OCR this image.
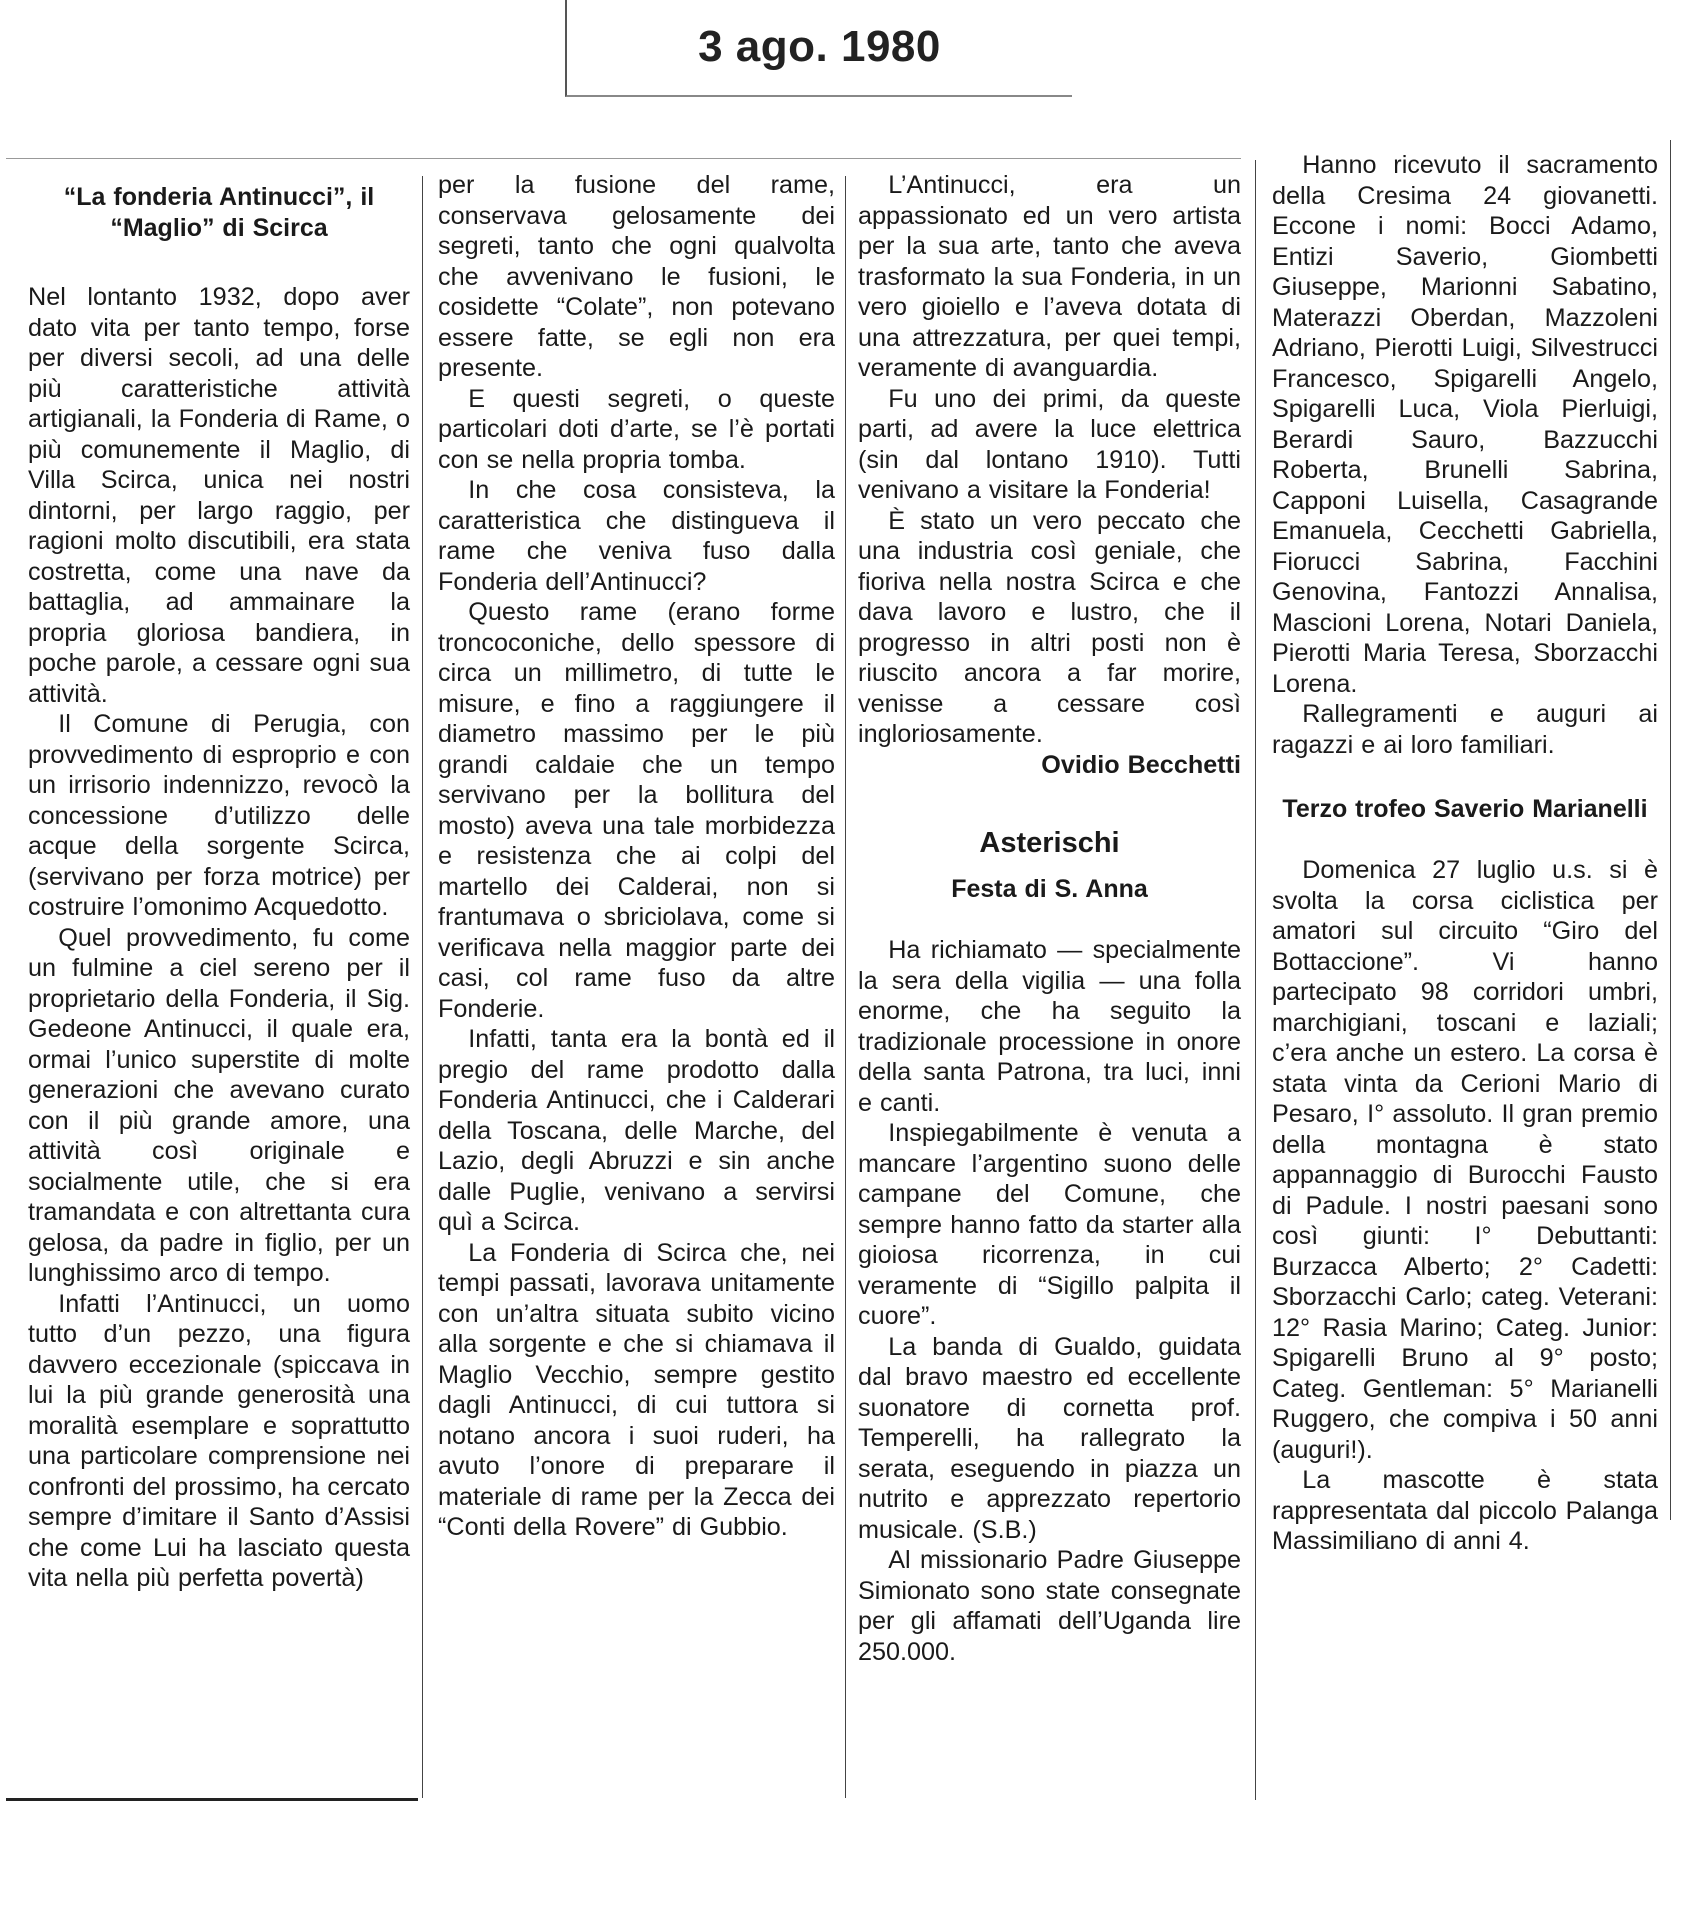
3 ago. 1980
“La fonderia Antinucci”, il “Maglio” di Scirca

Nel lontanto 1932, dopo aver dato vita per tanto tempo, forse per diversi secoli, ad una delle più caratteristiche attività artigianali, la Fonderia di Rame, o più comunemente il Maglio, di Villa Scirca, unica nei nostri dintorni, per largo raggio, per ragioni molto discutibili, era stata costretta, come una nave da battaglia, ad ammainare la propria gloriosa bandiera, in poche parole, a cessare ogni sua attività.

Il Comune di Perugia, con provvedimento di esproprio e con un irrisorio indennizzo, revocò la concessione d’utilizzo delle acque della sorgente Scirca, (servivano per forza motrice) per costruire l’omonimo Acquedotto.

Quel provvedimento, fu come un fulmine a ciel sereno per il proprietario della Fonderia, il Sig. Gedeone Antinucci, il quale era, ormai l’unico superstite di molte generazioni che avevano curato con il più grande amore, una attività così originale e socialmente utile, che si era tramandata e con altrettanta cura gelosa, da padre in figlio, per un lunghissimo arco di tempo.

Infatti l’Antinucci, un uomo tutto d’un pezzo, una figura davvero eccezionale (spiccava in lui la più grande generosità una moralità esemplare e soprattutto una particolare comprensione nei confronti del prossimo, ha cercato sempre d’imitare il Santo d’Assisi che come Lui ha lasciato questa vita nella più perfetta povertà)

per la fusione del rame, conservava gelosamente dei segreti, tanto che ogni qualvolta che avvenivano le fusioni, le cosidette “Colate”, non potevano essere fatte, se egli non era presente.

E questi segreti, o queste particolari doti d’arte, se l’è portati con se nella propria tomba.

In che cosa consisteva, la caratteristica che distingueva il rame che veniva fuso dalla Fonderia dell’Antinucci?

Questo rame (erano forme troncoconiche, dello spessore di circa un millimetro, di tutte le misure, e fino a raggiungere il diametro massimo per le più grandi caldaie che un tempo servivano per la bollitura del mosto) aveva una tale morbidezza e resistenza che ai colpi del martello dei Calderai, non si frantumava o sbriciolava, come si verificava nella maggior parte dei casi, col rame fuso da altre Fonderie.

Infatti, tanta era la bontà ed il pregio del rame prodotto dalla Fonderia Antinucci, che i Calderari della Toscana, delle Marche, del Lazio, degli Abruzzi e sin anche dalle Puglie, venivano a servirsi quì a Scirca.

La Fonderia di Scirca che, nei tempi passati, lavorava unitamente con un’altra situata subito vicino alla sorgente e che si chiamava il Maglio Vecchio, sempre gestito dagli Antinucci, di cui tuttora si notano ancora i suoi ruderi, ha avuto l’onore di preparare il materiale di rame per la Zecca dei “Conti della Rovere” di Gubbio.

L’Antinucci, era un appassionato ed un vero artista per la sua arte, tanto che aveva trasformato la sua Fonderia, in un vero gioiello e l’aveva dotata di una attrezzatura, per quei tempi, veramente di avanguardia.

Fu uno dei primi, da queste parti, ad avere la luce elettrica (sin dal lontano 1910). Tutti venivano a visitare la Fonderia!

È stato un vero peccato che una industria così geniale, che fioriva nella nostra Scirca e che dava lavoro e lustro, che il progresso in altri posti non è riuscito ancora a far morire, venisse a cessare così ingloriosamente.

Ovidio Becchetti

Asterischi
Festa di S. Anna

Ha richiamato — specialmente la sera della vigilia — una folla enorme, che ha seguito la tradizionale processione in onore della santa Patrona, tra luci, inni e canti.

Inspiegabilmente è venuta a mancare l’argentino suono delle campane del Comune, che sempre hanno fatto da starter alla gioiosa ricorrenza, in cui veramente di “Sigillo palpita il cuore”.

La banda di Gualdo, guidata dal bravo maestro ed eccellente suonatore di cornetta prof. Temperelli, ha rallegrato la serata, eseguendo in piazza un nutrito e apprezzato repertorio musicale. (S.B.)

Al missionario Padre Giuseppe Simionato sono state consegnate per gli affamati dell’Uganda lire 250.000.

Hanno ricevuto il sacramento della Cresima 24 giovanetti. Eccone i nomi: Bocci Adamo, Entizi Saverio, Giombetti Giuseppe, Marionni Sabatino, Materazzi Oberdan, Mazzoleni Adriano, Pierotti Luigi, Silvestrucci Francesco, Spigarelli Angelo, Spigarelli Luca, Viola Pierluigi, Berardi Sauro, Bazzucchi Roberta, Brunelli Sabrina, Capponi Luisella, Casagrande Emanuela, Cecchetti Gabriella, Fiorucci Sabrina, Facchini Genovina, Fantozzi Annalisa, Mascioni Lorena, Notari Daniela, Pierotti Maria Teresa, Sborzacchi Lorena.

Rallegramenti e auguri ai ragazzi e ai loro familiari.

Terzo trofeo Saverio Marianelli

Domenica 27 luglio u.s. si è svolta la corsa ciclistica per amatori sul circuito “Giro del Bottaccione”. Vi hanno partecipato 98 corridori umbri, marchigiani, toscani e laziali; c’era anche un estero. La corsa è stata vinta da Cerioni Mario di Pesaro, I° assoluto. Il gran premio della montagna è stato appannaggio di Burocchi Fausto di Padule. I nostri paesani sono così giunti: I° Debuttanti: Burzacca Alberto; 2° Cadetti: Sborzacchi Carlo; categ. Veterani: 12° Rasia Marino; Categ. Junior: Spigarelli Bruno al 9° posto; Categ. Gentleman: 5° Marianelli Ruggero, che compiva i 50 anni (auguri!).

La mascotte è stata rappresentata dal piccolo Palanga Massimiliano di anni 4.
